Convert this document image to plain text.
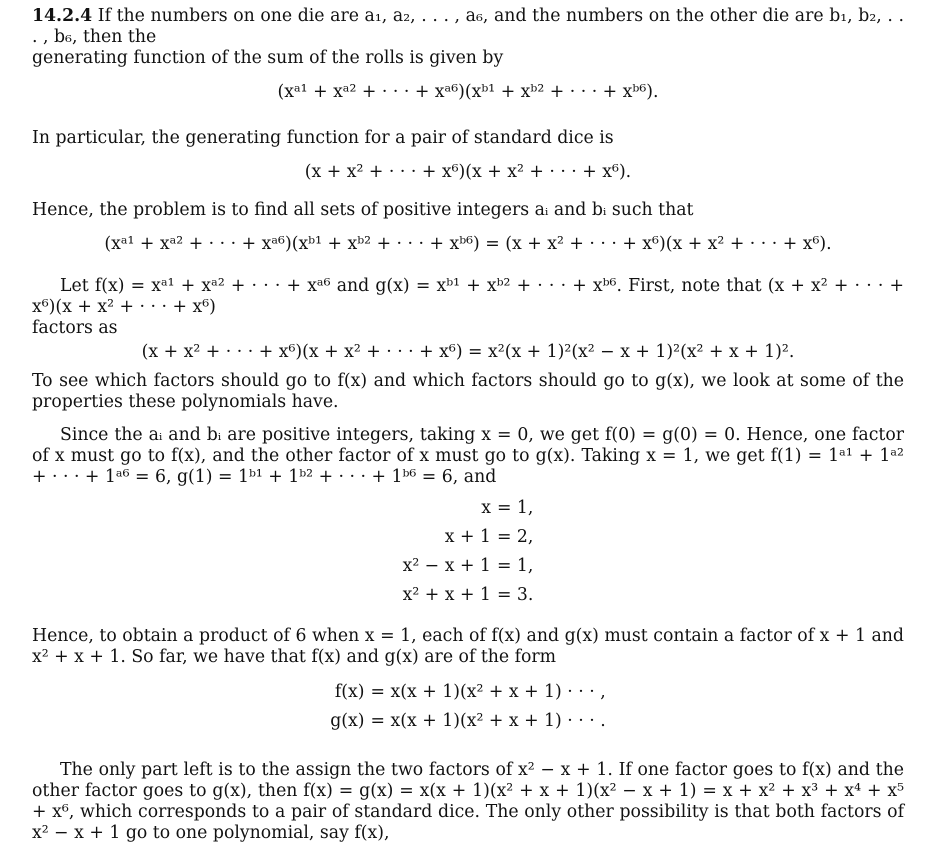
14.2.4 If the numbers on one die are a₁, a₂, . . . , a₆, and the numbers on the other die are b₁, b₂, . . . , b₆, then the
generating function of the sum of the rolls is given by

(xᵃ¹ + xᵃ² + · · · + xᵃ⁶)(xᵇ¹ + xᵇ² + · · · + xᵇ⁶).

In particular, the generating function for a pair of standard dice is

(x + x² + · · · + x⁶)(x + x² + · · · + x⁶).

Hence, the problem is to find all sets of positive integers aᵢ and bᵢ such that

(xᵃ¹ + xᵃ² + · · · + xᵃ⁶)(xᵇ¹ + xᵇ² + · · · + xᵇ⁶) = (x + x² + · · · + x⁶)(x + x² + · · · + x⁶).

Let f(x) = xᵃ¹ + xᵃ² + · · · + xᵃ⁶ and g(x) = xᵇ¹ + xᵇ² + · · · + xᵇ⁶. First, note that (x + x² + · · · + x⁶)(x + x² + · · · + x⁶)
factors as

(x + x² + · · · + x⁶)(x + x² + · · · + x⁶) = x²(x + 1)²(x² − x + 1)²(x² + x + 1)².

To see which factors should go to f(x) and which factors should go to g(x), we look at some of the properties these polynomials have.

Since the aᵢ and bᵢ are positive integers, taking x = 0, we get f(0) = g(0) = 0. Hence, one factor of x must go to f(x), and the other factor of x must go to g(x). Taking x = 1, we get f(1) = 1ᵃ¹ + 1ᵃ² + · · · + 1ᵃ⁶ = 6, g(1) = 1ᵇ¹ + 1ᵇ² + · · · + 1ᵇ⁶ = 6, and

x	= 1,
x + 1	= 2,
x² − x + 1	= 1,
x² + x + 1	= 3.

Hence, to obtain a product of 6 when x = 1, each of f(x) and g(x) must contain a factor of x + 1 and x² + x + 1. So far, we have that f(x) and g(x) are of the form

f(x)	= x(x + 1)(x² + x + 1) · · · ,
g(x)	= x(x + 1)(x² + x + 1) · · · .

The only part left is to the assign the two factors of x² − x + 1. If one factor goes to f(x) and the other factor goes to g(x), then f(x) = g(x) = x(x + 1)(x² + x + 1)(x² − x + 1) = x + x² + x³ + x⁴ + x⁵ + x⁶, which corresponds to a pair of standard dice. The only other possibility is that both factors of x² − x + 1 go to one polynomial, say f(x),
